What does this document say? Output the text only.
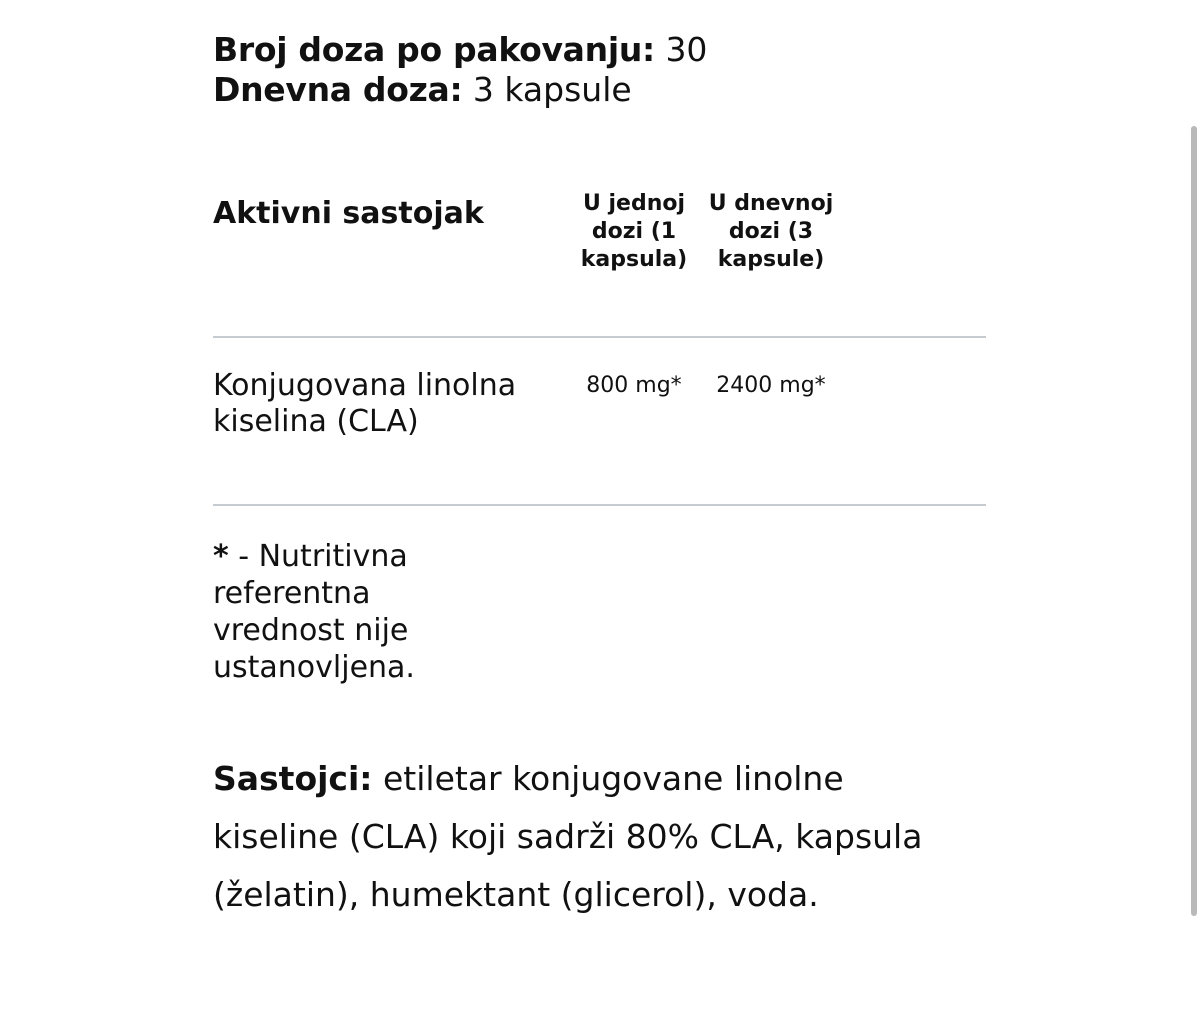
Broj doza po pakovanju: 30

Dnevna doza: 3 kapsule

Aktivni sastojak	U jednoj dozi (1 kapsula)
U dnevnoj dozi (3 kapsule)
Konjugovana linolna kiselina (CLA)
800 mg*	2400 mg*
* - Nutritivna referentna vrednost nije ustanovljena.
Sastojci: etiletar konjugovane linolne kiseline (CLA) koji sadrži 80% CLA, kapsula (želatin), humektant (glicerol), voda.
